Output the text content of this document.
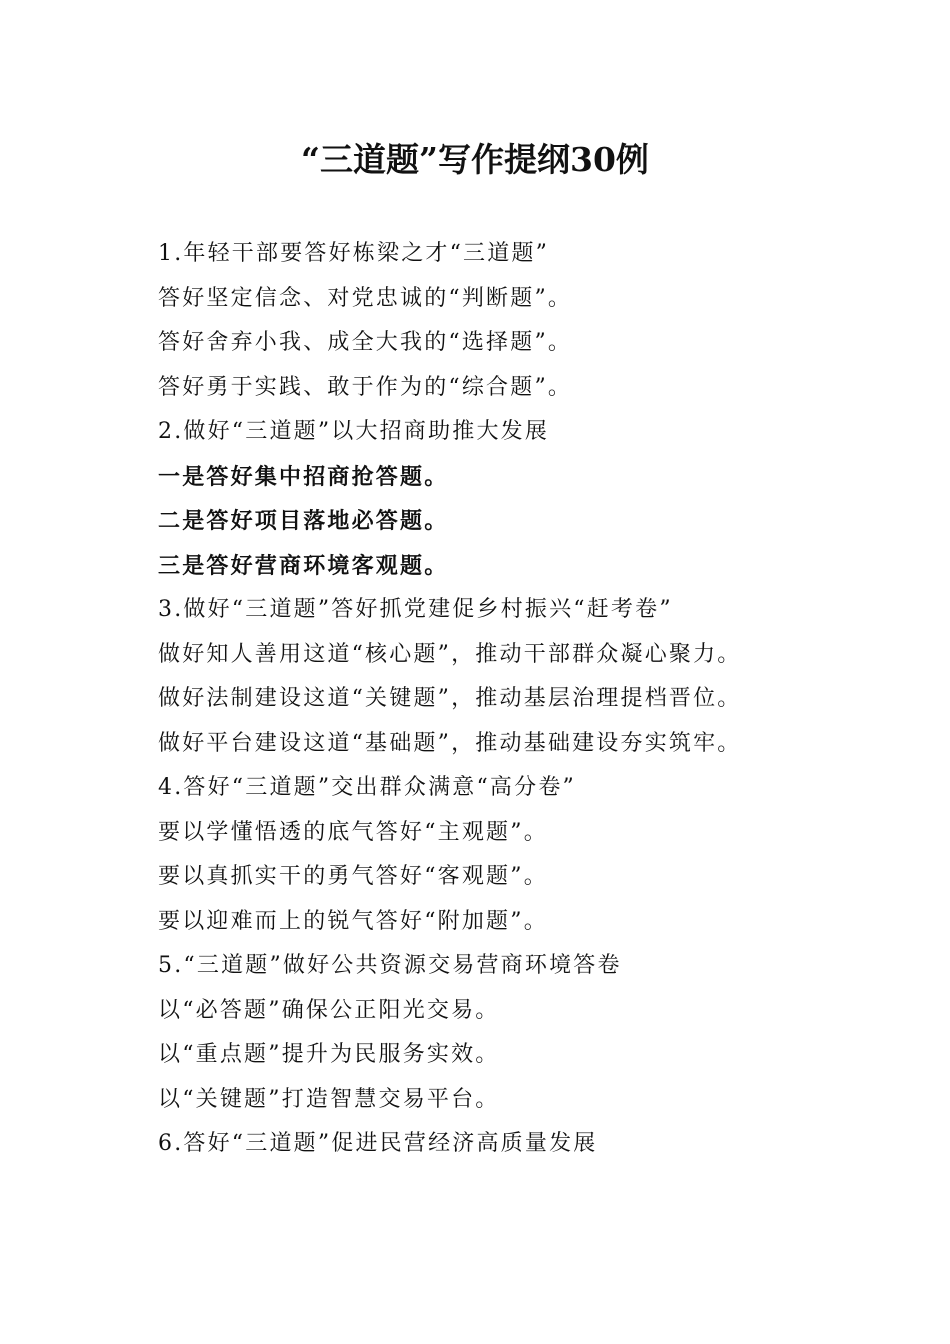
“三道题”写作提纲30例
1.年轻干部要答好栋梁之才“三道题”
答好坚定信念、对党忠诚的“判断题”。
答好舍弃小我、成全大我的“选择题”。
答好勇于实践、敢于作为的“综合题”。
2.做好“三道题”以大招商助推大发展
一是答好集中招商抢答题。
二是答好项目落地必答题。
三是答好营商环境客观题。
3.做好“三道题”答好抓党建促乡村振兴“赶考卷”
做好知人善用这道“核心题”，推动干部群众凝心聚力。
做好法制建设这道“关键题”，推动基层治理提档晋位。
做好平台建设这道“基础题”，推动基础建设夯实筑牢。
4.答好“三道题”交出群众满意“高分卷”
要以学懂悟透的底气答好“主观题”。
要以真抓实干的勇气答好“客观题”。
要以迎难而上的锐气答好“附加题”。
5.“三道题”做好公共资源交易营商环境答卷
以“必答题”确保公正阳光交易。
以“重点题”提升为民服务实效。
以“关键题”打造智慧交易平台。
6.答好“三道题”促进民营经济高质量发展
